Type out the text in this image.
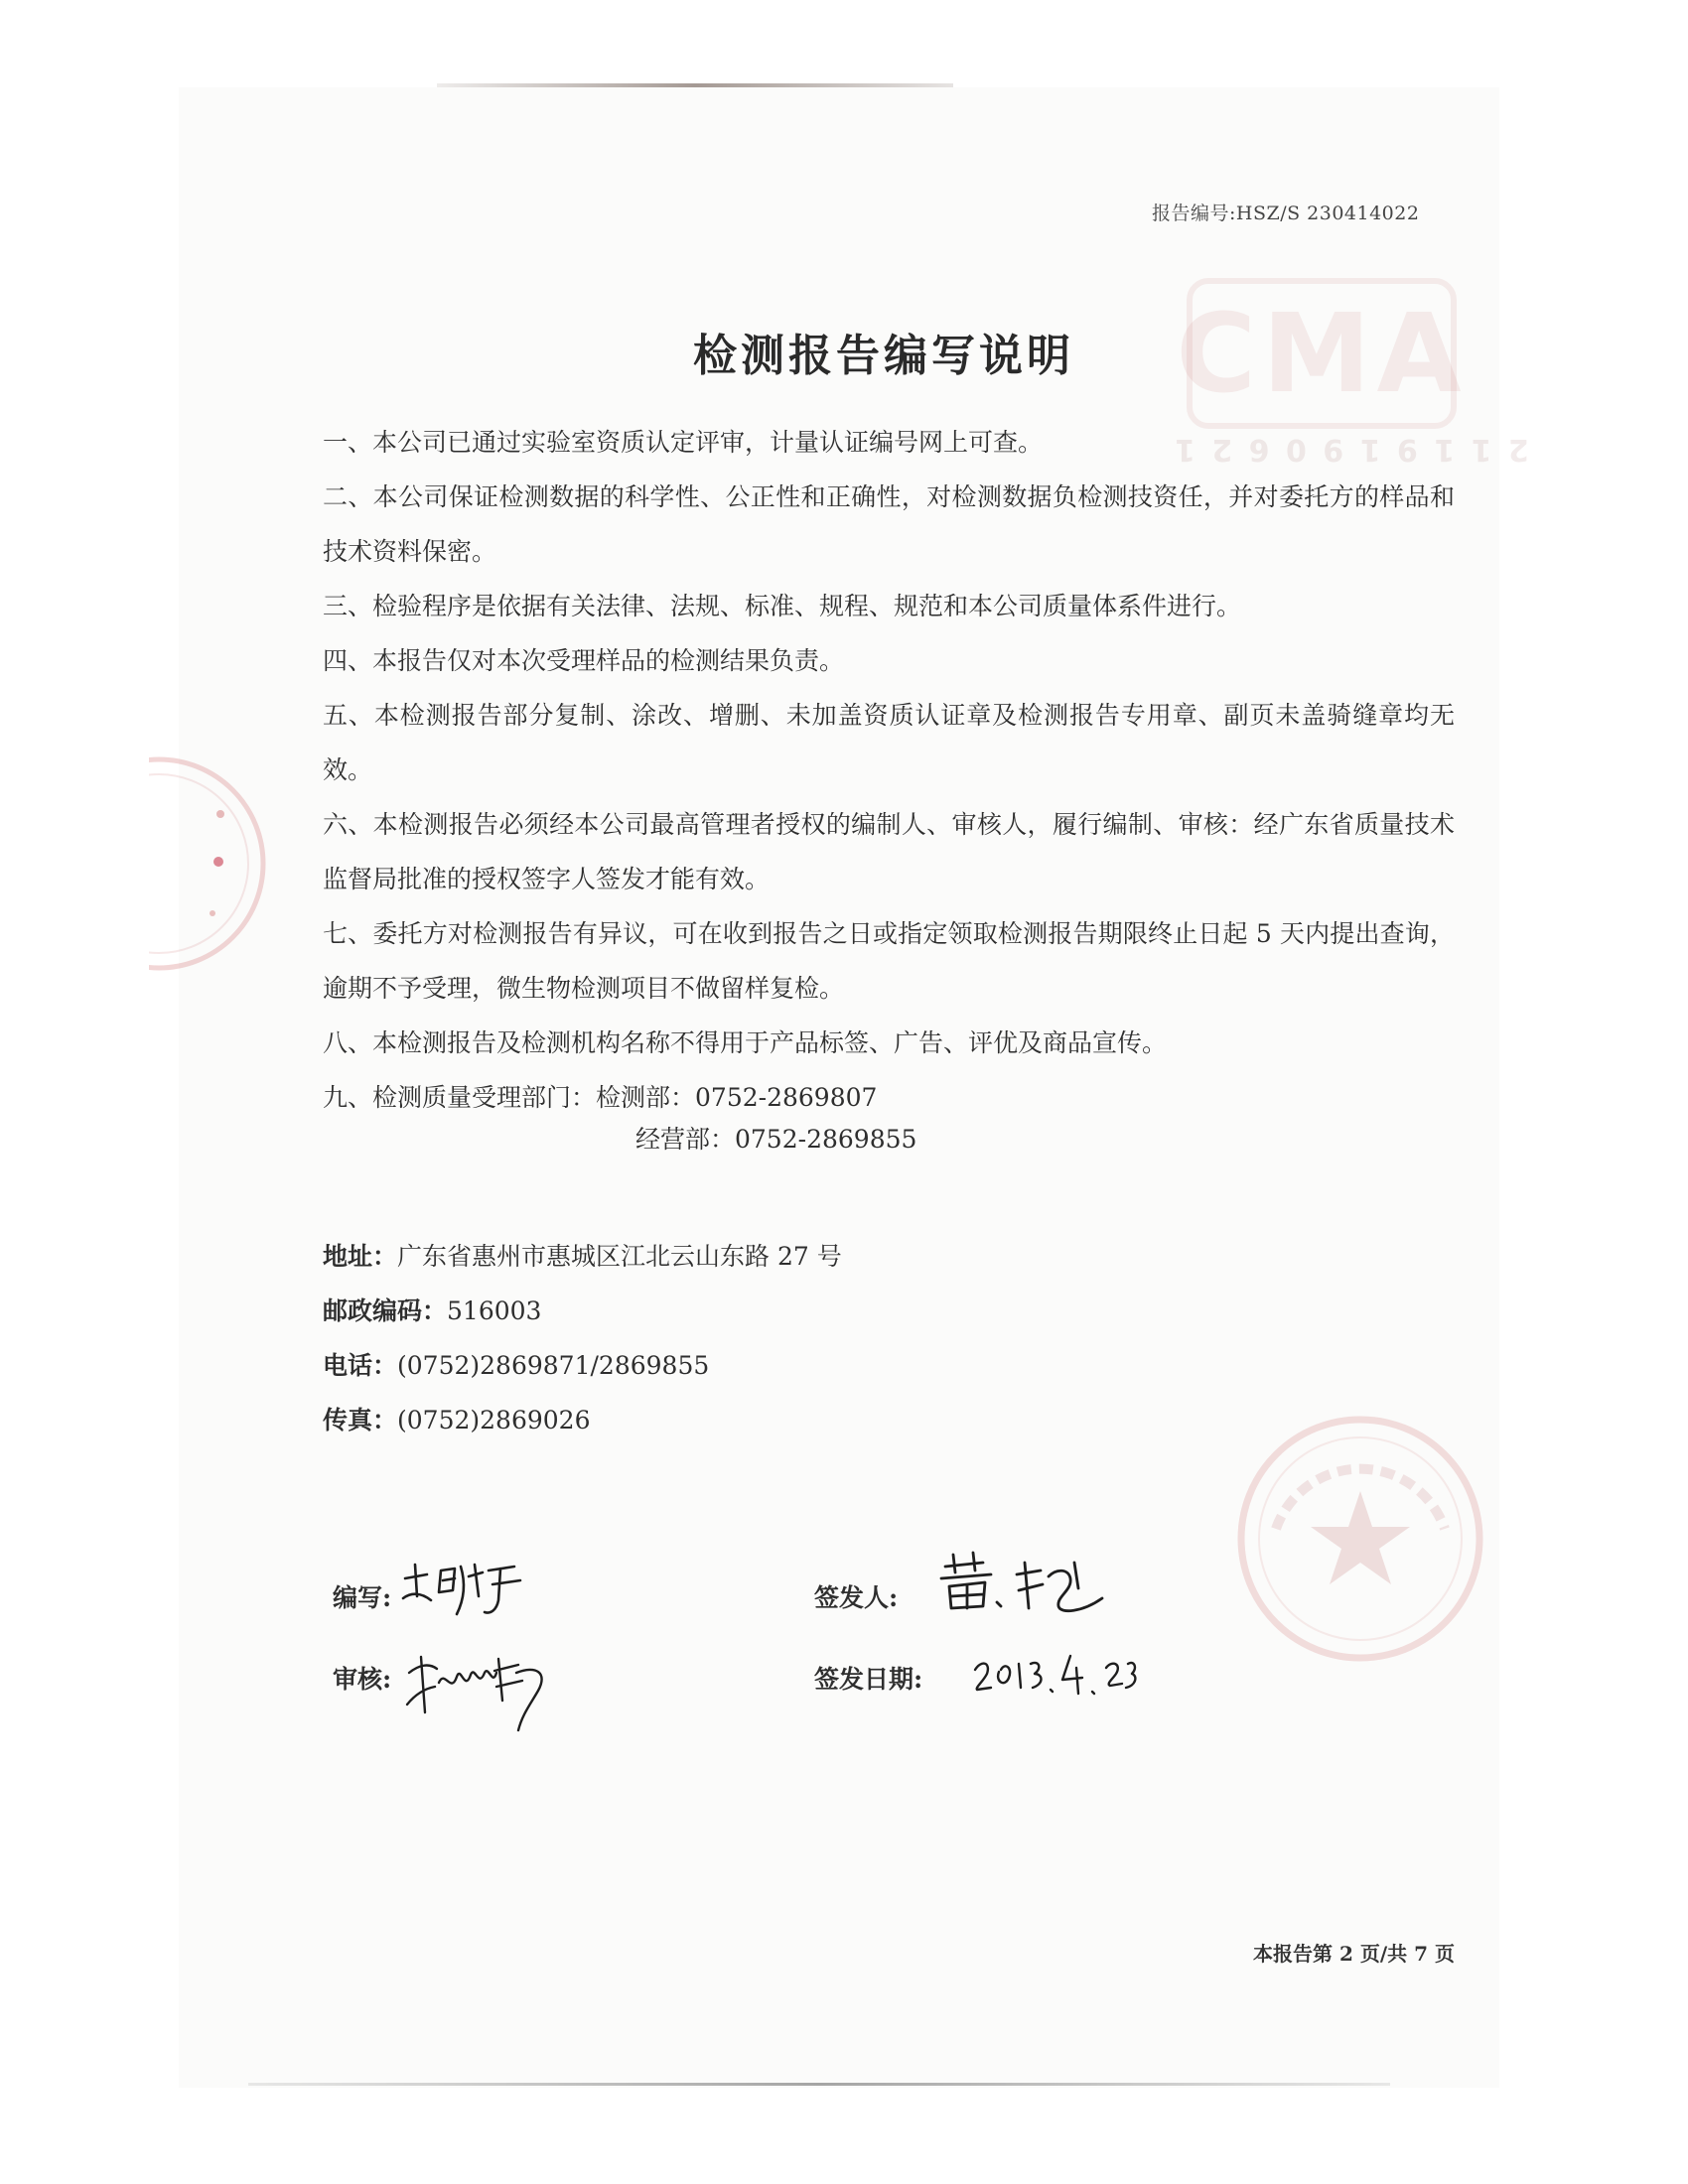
CMA
2 1 1 9 1 9 0 6 2 1
报告编号:HSZ/S 230414022
检测报告编写说明

一、本公司已通过实验室资质认定评审，计量认证编号网上可查。

二、本公司保证检测数据的科学性、公正性和正确性，对检测数据负检测技资任，并对委托方的样品和技术资料保密。

三、检验程序是依据有关法律、法规、标准、规程、规范和本公司质量体系件进行。

四、本报告仅对本次受理样品的检测结果负责。

五、本检测报告部分复制、涂改、增删、未加盖资质认证章及检测报告专用章、副页未盖骑缝章均无效。

六、本检测报告必须经本公司最高管理者授权的编制人、审核人，履行编制、审核：经广东省质量技术监督局批准的授权签字人签发才能有效。

七、委托方对检测报告有异议，可在收到报告之日或指定领取检测报告期限终止日起 5 天内提出查询，逾期不予受理，微生物检测项目不做留样复检。

八、本检测报告及检测机构名称不得用于产品标签、广告、评优及商品宣传。

九、检测质量受理部门：检测部：0752-2869807

经营部：0752-2869855
地址：广东省惠州市惠城区江北云山东路 27 号
邮政编码：516003
电话：(0752)2869871/2869855
传真：(0752)2869026
编写:
审核:
签发人:
签发日期:
本报告第 2 页/共 7 页
